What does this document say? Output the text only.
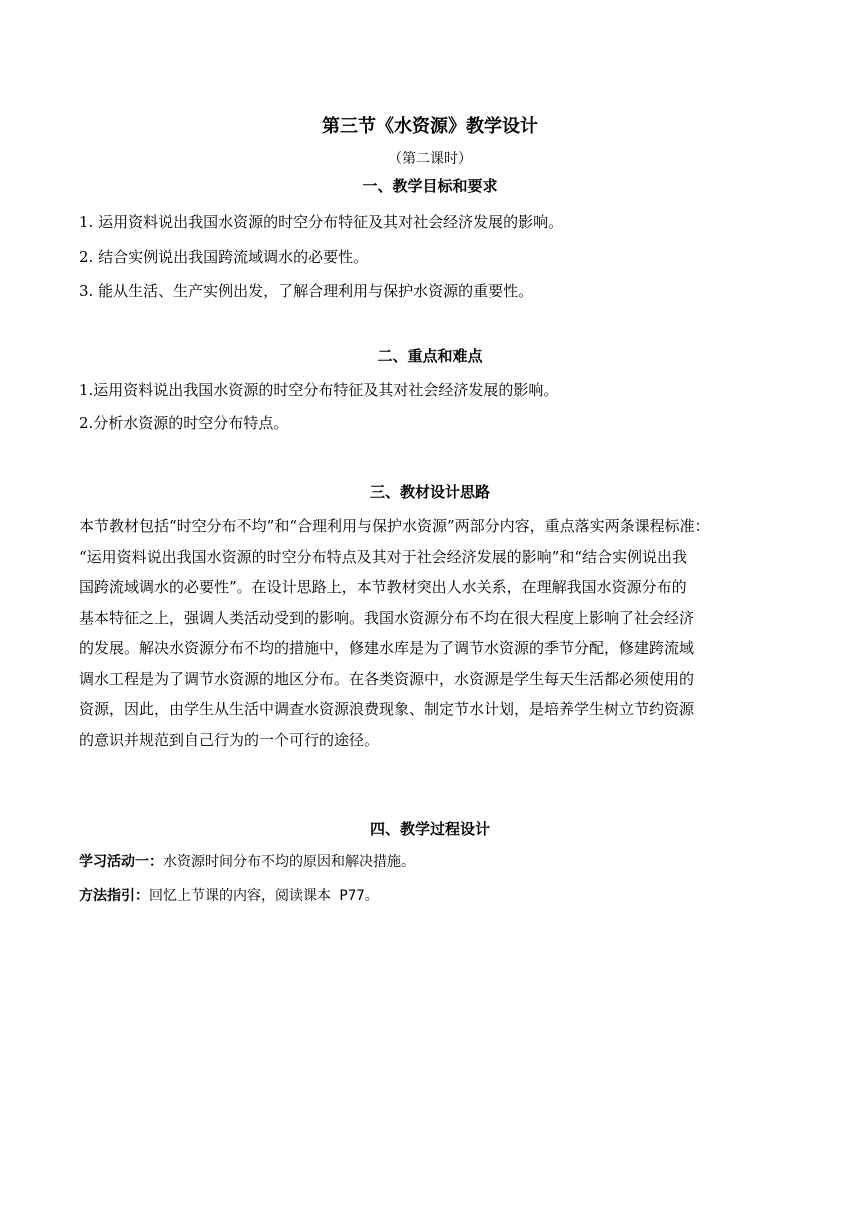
第三节《水资源》教学设计
（第二课时）
一、教学目标和要求
1. 运用资料说出我国水资源的时空分布特征及其对社会经济发展的影响。
2. 结合实例说出我国跨流域调水的必要性。
3. 能从生活、生产实例出发，了解合理利用与保护水资源的重要性。
二、重点和难点
1.运用资料说出我国水资源的时空分布特征及其对社会经济发展的影响。
2.分析水资源的时空分布特点。
三、教材设计思路

本节教材包括“时空分布不均”和“合理利用与保护水资源”两部分内容，重点落实两条课程标准：

“运用资料说出我国水资源的时空分布特点及其对于社会经济发展的影响”和“结合实例说出我

国跨流域调水的必要性”。在设计思路上，本节教材突出人水关系，在理解我国水资源分布的

基本特征之上，强调人类活动受到的影响。我国水资源分布不均在很大程度上影响了社会经济

的发展。解决水资源分布不均的措施中，修建水库是为了调节水资源的季节分配，修建跨流域

调水工程是为了调节水资源的地区分布。在各类资源中，水资源是学生每天生活都必须使用的

资源，因此，由学生从生活中调查水资源浪费现象、制定节水计划，是培养学生树立节约资源

的意识并规范到自己行为的一个可行的途径。

四、教学过程设计
学习活动一：水资源时间分布不均的原因和解决措施。
方法指引：回忆上节课的内容，阅读课本 P77。
